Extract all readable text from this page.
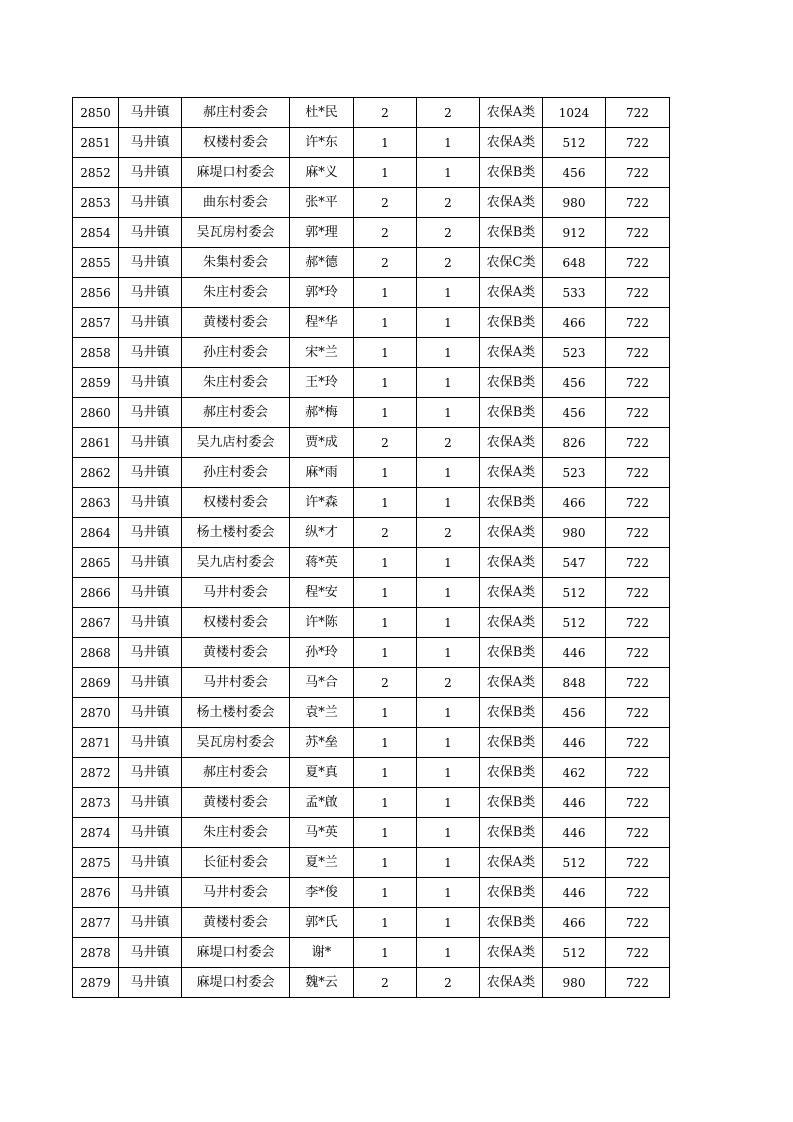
2850	马井镇	郝庄村委会	杜*民	2	2	农保A类	1024	722
2851	马井镇	权楼村委会	许*东	1	1	农保A类	512	722
2852	马井镇	麻堤口村委会	麻*义	1	1	农保B类	456	722
2853	马井镇	曲东村委会	张*平	2	2	农保A类	980	722
2854	马井镇	吴瓦房村委会	郭*理	2	2	农保B类	912	722
2855	马井镇	朱集村委会	郝*德	2	2	农保C类	648	722
2856	马井镇	朱庄村委会	郭*玲	1	1	农保A类	533	722
2857	马井镇	黄楼村委会	程*华	1	1	农保B类	466	722
2858	马井镇	孙庄村委会	宋*兰	1	1	农保A类	523	722
2859	马井镇	朱庄村委会	王*玲	1	1	农保B类	456	722
2860	马井镇	郝庄村委会	郝*梅	1	1	农保B类	456	722
2861	马井镇	吴九店村委会	贾*成	2	2	农保A类	826	722
2862	马井镇	孙庄村委会	麻*雨	1	1	农保A类	523	722
2863	马井镇	权楼村委会	许*森	1	1	农保B类	466	722
2864	马井镇	杨土楼村委会	纵*才	2	2	农保A类	980	722
2865	马井镇	吴九店村委会	蒋*英	1	1	农保A类	547	722
2866	马井镇	马井村委会	程*安	1	1	农保A类	512	722
2867	马井镇	权楼村委会	许*陈	1	1	农保A类	512	722
2868	马井镇	黄楼村委会	孙*玲	1	1	农保B类	446	722
2869	马井镇	马井村委会	马*合	2	2	农保A类	848	722
2870	马井镇	杨土楼村委会	袁*兰	1	1	农保B类	456	722
2871	马井镇	吴瓦房村委会	苏*垒	1	1	农保B类	446	722
2872	马井镇	郝庄村委会	夏*真	1	1	农保B类	462	722
2873	马井镇	黄楼村委会	孟*啟	1	1	农保B类	446	722
2874	马井镇	朱庄村委会	马*英	1	1	农保B类	446	722
2875	马井镇	长征村委会	夏*兰	1	1	农保A类	512	722
2876	马井镇	马井村委会	李*俊	1	1	农保B类	446	722
2877	马井镇	黄楼村委会	郭*氏	1	1	农保B类	466	722
2878	马井镇	麻堤口村委会	谢*	1	1	农保A类	512	722
2879	马井镇	麻堤口村委会	魏*云	2	2	农保A类	980	722
